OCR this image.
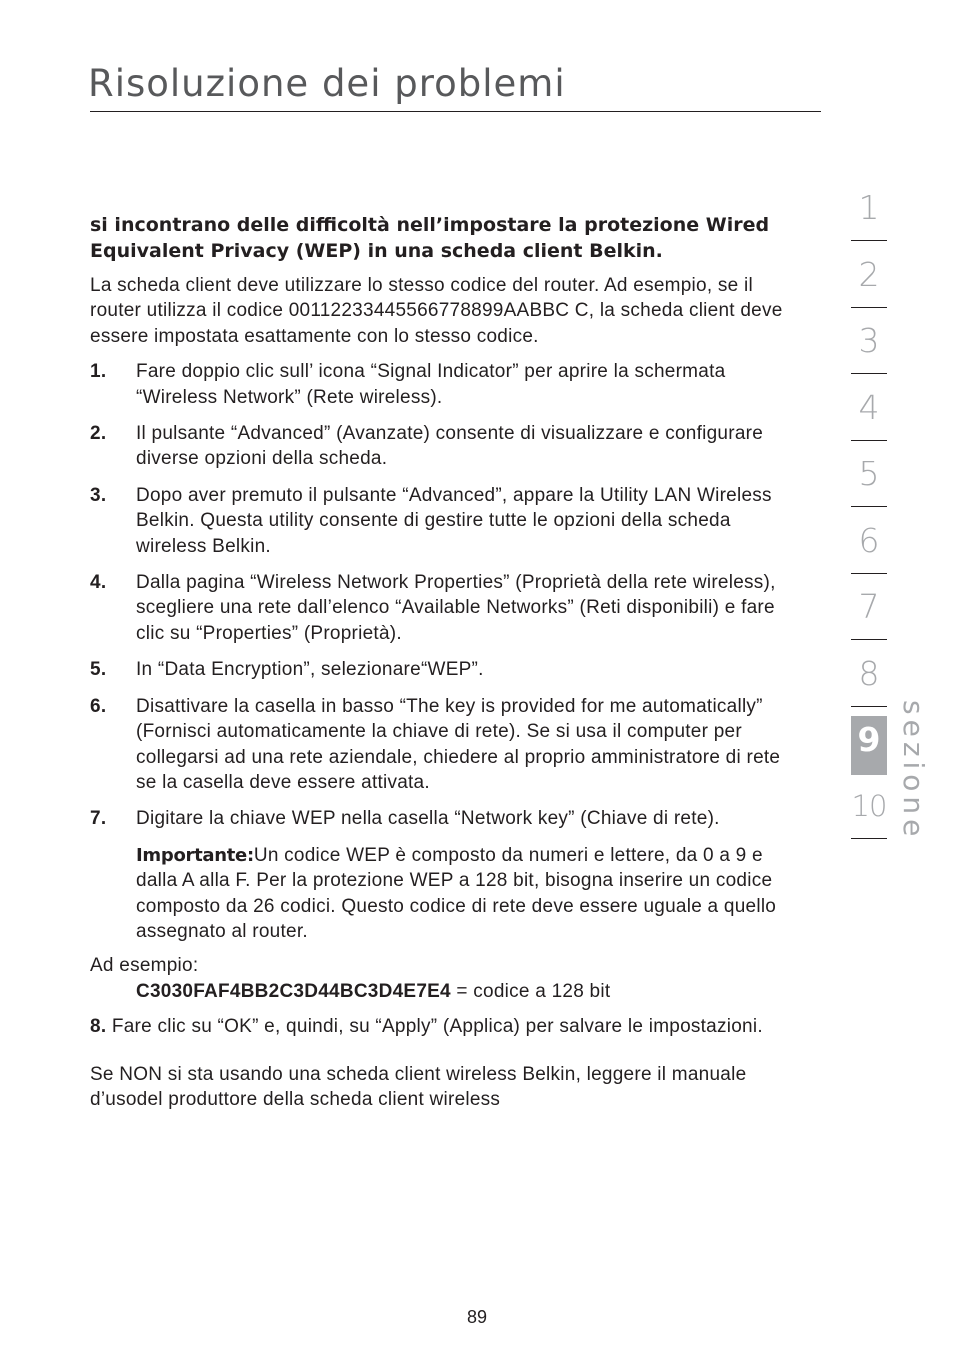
Risoluzione dei problemi
si incontrano delle difficoltà nell’impostare la protezione Wired Equivalent Privacy (WEP) in una scheda client Belkin.

La scheda client deve utilizzare lo stesso codice del router. Ad esempio, se il router utilizza il codice 00112233445566778899AABBC C, la scheda client deve essere impostata esattamente con lo stesso codice.

1. Fare doppio clic sull’ icona “Signal Indicator” per aprire la schermata “Wireless Network” (Rete wireless).
2. Il pulsante “Advanced” (Avanzate) consente di visualizzare e configurare diverse opzioni della scheda.
3. Dopo aver premuto il pulsante “Advanced”, appare la Utility LAN Wireless Belkin. Questa utility consente di gestire tutte le opzioni della scheda wireless Belkin.
4. Dalla pagina “Wireless Network Properties” (Proprietà della rete wireless), scegliere una rete dall’elenco “Available Networks” (Reti disponibili) e fare clic su “Properties” (Proprietà).
5. In “Data Encryption”, selezionare“WEP”.
6. Disattivare la casella in basso “The key is provided for me automatically” (Fornisci automaticamente la chiave di rete). Se si usa il computer per collegarsi ad una rete aziendale, chiedere al proprio amministratore di rete se la casella deve essere attivata.
7. Digitare la chiave WEP nella casella “Network key” (Chiave di rete).

Importante:Un codice WEP è composto da numeri e lettere, da 0 a 9 e dalla A alla F. Per la protezione WEP a 128 bit, bisogna inserire un codice composto da 26 codici. Questo codice di rete deve essere uguale a quello assegnato al router.

Ad esempio:

C3030FAF4BB2C3D44BC3D4E7E4 = codice a 128 bit

8. Fare clic su “OK” e, quindi, su “Apply” (Applica) per salvare le impostazioni.

Se NON si sta usando una scheda client wireless Belkin, leggere il manuale d’usodel produttore della scheda client wireless

1
2
3
4
5
6
7
8
9
10 sezione
89
